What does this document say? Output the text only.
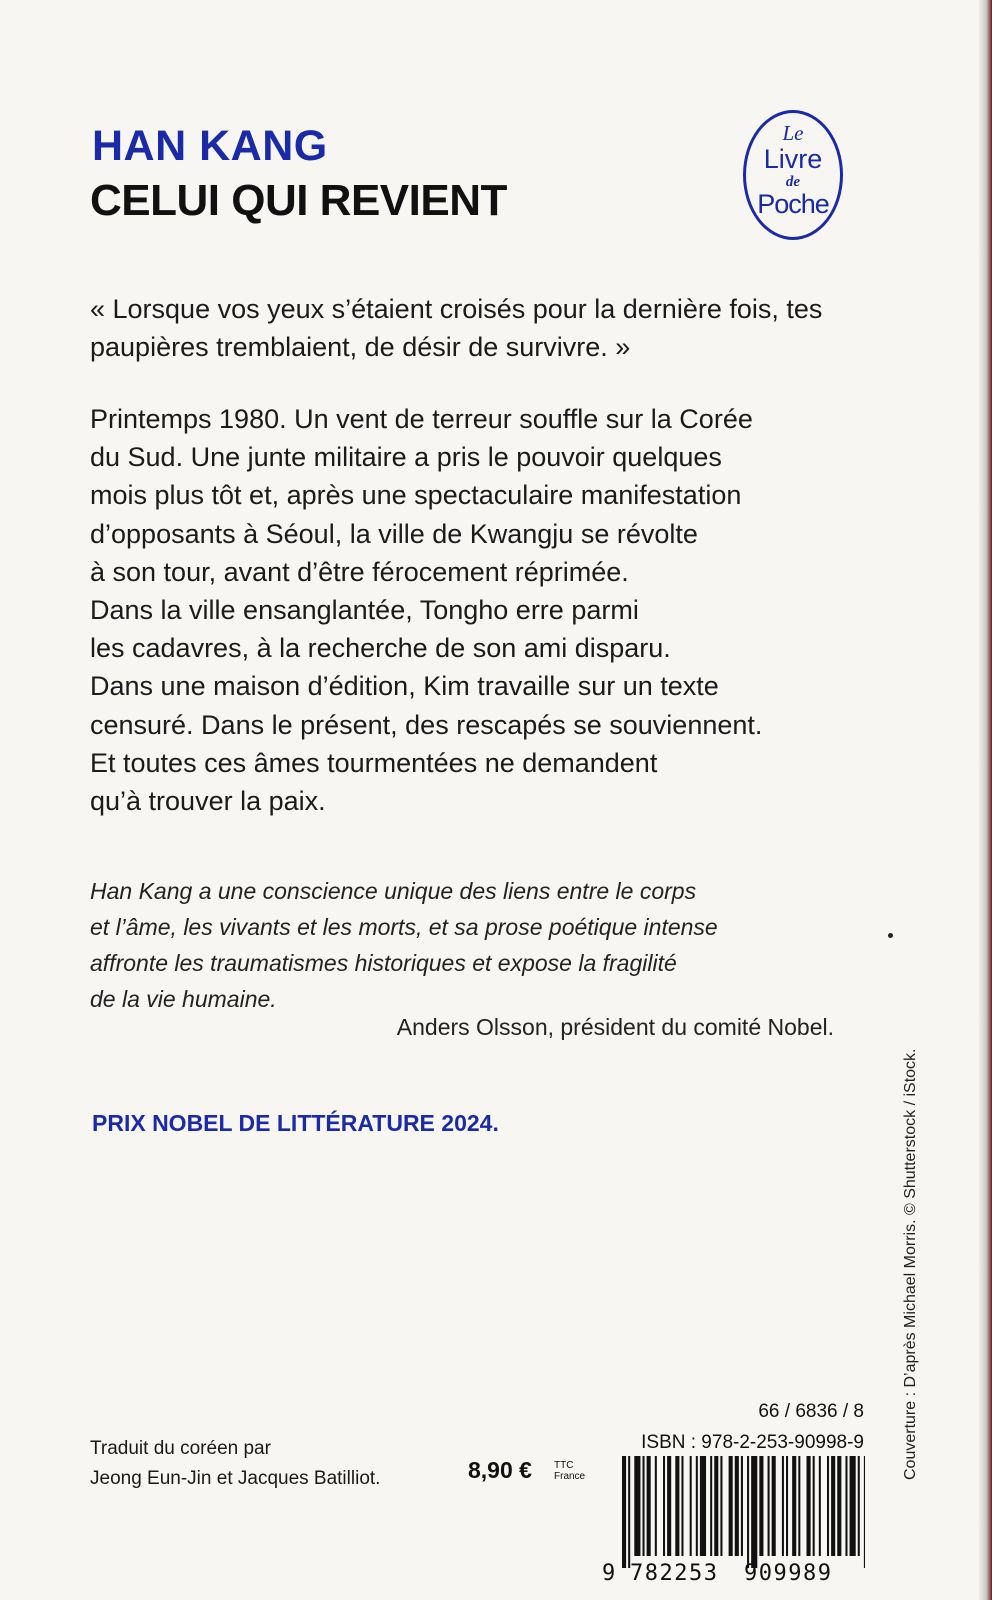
HAN KANG
CELUI QUI REVIENT
Le
Livre
de
Poche
« Lorsque vos yeux s’étaient croisés pour la dernière fois, tes paupières tremblaient, de désir de survivre. »

Printemps 1980. Un vent de terreur souffle sur la Corée

du Sud. Une junte militaire a pris le pouvoir quelques

mois plus tôt et, après une spectaculaire manifestation

d’opposants à Séoul, la ville de Kwangju se révolte

à son tour, avant d’être férocement réprimée.

Dans la ville ensanglantée, Tongho erre parmi

les cadavres, à la recherche de son ami disparu.

Dans une maison d’édition, Kim travaille sur un texte

censuré. Dans le présent, des rescapés se souviennent.

Et toutes ces âmes tourmentées ne demandent

qu’à trouver la paix.

Han Kang a une conscience unique des liens entre le corps

et l’âme, les vivants et les morts, et sa prose poétique intense

affronte les traumatismes historiques et expose la fragilité

de la vie humaine.

Anders Olsson, président du comité Nobel.
PRIX NOBEL DE LITTÉRATURE 2024.
Traduit du coréen par
Jeong Eun-Jin et Jacques Batilliot.	8,90 € TTC
France
66 / 6836 / 8
ISBN : 978-2-253-90998-9
9 782253 909989
Couverture : D’après Michael Morris. © Shutterstock / iStock.
